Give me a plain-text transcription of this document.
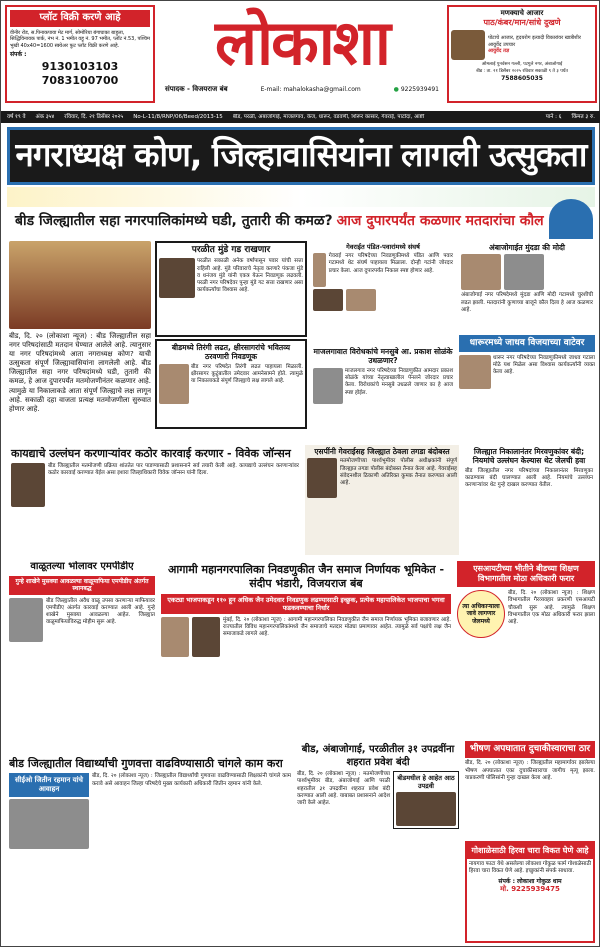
प्लॉट विक्री करणे आहे
वीनीर रोड, स.पिनाकपाया मेट मार्ग, सोमोरिया बंगाघाका बाहुला, सिद्धिविनायक पार्क, नंभ नं. 1 भमीत वहू नं. 97 भमीत, प्लॉट नं.53, पश्चिम भुखी 40x40=1600 स्क्वेअर फुट प्लॉट विक्री करणे आहे.
संपर्क :
9130103103
7083100700
लोकाशा
संपादक - विजयराज बंब	E-mail: mahalokasha@gmail.com	● 9225939491
मणक्याचे आजार
पाठ/कंबर/मान/सांधे दुखणे
पोटाचे आजार, हृदयरोग इत्यादी विकारांवर खात्रीशीर आयुर्वेद उपचार
आयुर्वेद तज्ञ
ओमलाई पुनर्वसन गल्ली, पटगुले नगर, अंबाजोगाई
बीड : ता. २१ डिसेंबर २०२५ रविवार सकाळी ९ ते ३ पर्यंत
7588605035
वर्ष १९ वे अंक ३५४ रविवार, दि. २१ डिसेंबर २०२५ No-L-11/8/RNP/06/Beed/2013-15 बीड, परळी, अंबाजोगाई, माजलगाव, केज, धारूर, वडवणी, शिरूर कासार, गेवराई, पाटोदा, आष्टी	पाने : ६ किंमत ३ रु.
नगराध्यक्ष कोण, जिल्हावासियांना लागली उत्सुकता
बीड जिल्ह्यातील सहा नगरपालिकांमध्ये घडी, तुतारी की कमळ? आज दुपारपर्यंत कळणार मतदारांचा कौल
बीड, दि. २० (लोकाशा न्यूज) : बीड जिल्ह्यातील सहा नगर परिषदांसाठी मतदान घेण्यात आलेले आहे. त्यानुसार या नगर परिषदांमध्ये आता नगराध्यक्ष कोण? याची उत्सुकता संपूर्ण जिल्ह्यावासियांना लागलेली आहे. बीड जिल्ह्यातील सहा नगर परिषदांमध्ये घडी, तुतारी की कमळ, हे आज दुपारपर्यंत मतमोजणीनंतर कळणार आहे. त्यामुळे या निकालाकडे आता संपूर्ण जिल्ह्याचे लक्ष लागून आहे. सकाळी दहा वाजता प्रत्यक्ष मतमोजणीला सुरुवात होणार आहे.
परळीत मुंडे गड राखणार
परळीत सकाळी अनेक वर्षांपासून पवार यांची सत्ता राहिली आहे. मुंडे परिवाराचे नेतृत्व करणारे पंकजा मुंडे व धनंजय मुंडे यांनी एकत्र येऊन निवडणूक लढवली. परळी नगर परिषदेवर पुन्हा मुंडे गट सत्ता राखणार असा कार्यकर्त्यांचा विश्वास आहे.
गेवराईत पंडित-पवारांमध्ये संघर्ष
गेवराई नगर परिषदेच्या निवडणुकीमध्ये पंडित आणि पवार गटामध्ये थेट संघर्ष पाहायला मिळाला. दोन्ही गटांनी जोरदार प्रचार केला. आज दुपारपर्यंत निकाल स्पष्ट होणार आहे.
अंबाजोगाईत मुंदडा की मोदी
अंबाजोगाई नगर परिषदेमध्ये मुंदडा आणि मोदी गटामध्ये चुरशीची लढत झाली. मतदारांनी कुणाच्या बाजूने कौल दिला हे आज कळणार आहे.
बीडमध्ये तिरंगी लढत, क्षीरसागरांचे भवितव्य ठरवणारी निवडणूक
बीड नगर परिषदेत तिरंगी लढत पाहायला मिळाली. क्षीरसागर कुटुंबातील उमेदवार आमनेसामने होते. त्यामुळे या निकालाकडे संपूर्ण जिल्ह्याचे लक्ष लागले आहे.
माजलगावात विरोधकांचे मनसुबे आ. प्रकाश सोळंके उधळणार?
माजलगाव नगर परिषदेच्या निवडणुकीत आमदार प्रकाश सोळंके यांच्या नेतृत्वाखालील पॅनलने जोरदार प्रचार केला. विरोधकांचे मनसुबे उधळले जाणार का हे आज स्पष्ट होईल.
धारूरमध्ये जाधव विजयाच्या वाटेवर
धारूर नगर परिषदेच्या निवडणुकीमध्ये जाधव गटाला मोठे यश मिळेल असा विश्वास कार्यकर्त्यांनी व्यक्त केला आहे.
कायद्याचे उल्लंघन करणाऱ्यांवर कठोर कारवाई करणार - विवेक जॉन्सन
बीड जिल्ह्यातील मतमोजणी प्रक्रिया शांततेत पार पाडण्यासाठी प्रशासनाने सर्व तयारी केली आहे. कायद्याचे उल्लंघन करणाऱ्यांवर कठोर कारवाई करण्यात येईल असा इशारा जिल्हाधिकारी विवेक जॉन्सन यांनी दिला.
एसपींनी गेवराईसह जिल्ह्यात ठेवला तगडा बंदोबस्त
मतमोजणीच्या पार्श्वभूमीवर पोलीस अधीक्षकांनी संपूर्ण जिल्ह्यात तगडा पोलीस बंदोबस्त तैनात केला आहे. गेवराईसह संवेदनशील ठिकाणी अतिरिक्त कुमक तैनात करण्यात आली आहे.
जिल्ह्यात निकालानंतर मिरवणुकांवर बंदी; नियमांचे उल्लंघन केल्यास थेट जेलची हवा
बीड जिल्ह्यातील नगर परिषदांच्या निकालानंतर मिरवणुका काढण्यास बंदी घालण्यात आली आहे. नियमांचे उल्लंघन करणाऱ्यांवर थेट गुन्हे दाखल करण्यात येतील.
वाळूतल्या भोलावर एमपीडीए
गुन्हे शाखेने मुसक्या आवळल्या वाळूमाफिया एमपीडीए अंतर्गत स्थानबद्ध
बीड जिल्ह्यातील अवैध वाळू उपसा करणाऱ्या माफियावर एमपीडीए अंतर्गत कारवाई करण्यात आली आहे. गुन्हे शाखेने मुसक्या आवळल्या आहेत. जिल्ह्यात वाळूमाफियांविरुद्ध मोहीम सुरू आहे.
आगामी महानगरपालिका निवडणुकीत जैन समाज निर्णायक भूमिकेत - संदीप भंडारी, विजयराज बंब
एकट्या भाजपाकडून ११० हून अधिक जैन उमेदवार निवडणुक लढण्यासाठी इच्छुक, प्रत्येक महापालिकेत भाजपाचा भगवा फडकवण्याचा निर्धार
मुंबई, दि. २० (लोकाशा न्यूज) : आगामी महानगरपालिका निवडणुकीत जैन समाज निर्णायक भूमिका बजावणार आहे. राज्यातील विविध महानगरपालिकांमध्ये जैन समाजाचे मतदार मोठ्या प्रमाणावर आहेत. त्यामुळे सर्व पक्षांचे लक्ष जैन समाजाकडे लागले आहे.
एसआयटीच्या भीतीने बीडच्या शिक्षण विभागातील मोठा अधिकारी फरार
त्या अधिकाऱ्याला जावे लागणार जेलमध्ये
बीड, दि. २० (लोकाशा न्यूज) : शिक्षण विभागातील गैरव्यवहार प्रकरणी एसआयटी चौकशी सुरू आहे. त्यामुळे शिक्षण विभागातील एक मोठा अधिकारी फरार झाला आहे.
बीड जिल्ह्यातील विद्यार्थ्यांची गुणवत्ता वाढविण्यासाठी चांगले काम करा
सीईओ जितीन रहमान यांचे आवाहन
बीड, दि. २० (लोकाशा न्यूज) : जिल्ह्यातील विद्यार्थ्यांची गुणवत्ता वाढविण्यासाठी शिक्षकांनी चांगले काम करावे असे आवाहन जिल्हा परिषदेचे मुख्य कार्यकारी अधिकारी जितीन रहमान यांनी केले.
बीड, अंबाजोगाई, परळीतील ३१ उपद्रवींना शहरात प्रवेश बंदी
बीड, दि. २० (लोकाशा न्यूज) : मतमोजणीच्या पार्श्वभूमीवर बीड, अंबाजोगाई आणि परळी शहरातील ३१ उपद्रवींना शहरात प्रवेश बंदी करण्यात आली आहे. याबाबत प्रशासनाने आदेश जारी केले आहेत.
बीडमधील हे आहेत आठ उपद्रवी
भीषण अपघातात दुचाकीस्वाराचा ठार
बीड, दि. २० (लोकाशा न्यूज) : जिल्ह्यातील महामार्गावर झालेल्या भीषण अपघातात एका दुचाकीस्वाराचा जागीच मृत्यू झाला. याप्रकरणी पोलिसांनी गुन्हा दाखल केला आहे.
गोशाळेसाठी हिरवा चारा विकत घेणे आहे
नायगाव फाटा येथे असलेल्या लोकाशा गोकुळ फार्म गोशाळेसाठी हिरवा चारा विकत घेणे आहे. इच्छुकांनी संपर्क साधावा.
संपर्क : लोकाशा गोकुळ धाम
मो. 9225939475
